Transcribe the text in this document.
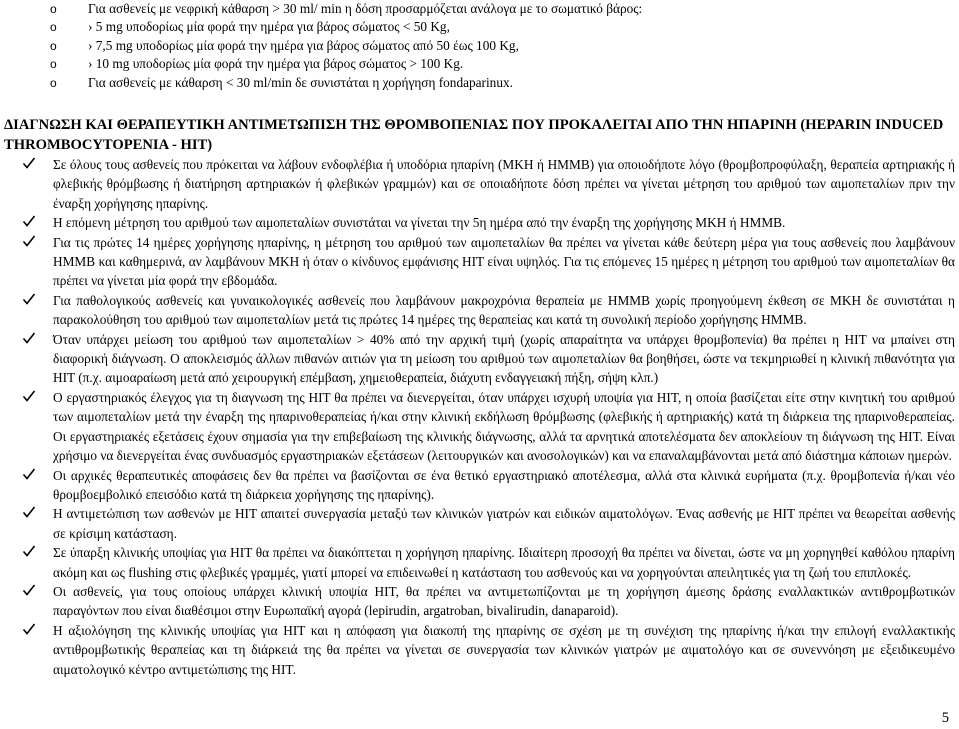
o Για ασθενείς με νεφρική κάθαρση > 30 ml/ min η δόση προσαρμόζεται ανάλογα με το σωματικό βάρος:
o › 5 mg υποδορίως μία φορά την ημέρα για βάρος σώματος < 50 Kg,
o › 7,5 mg υποδορίως μία φορά την ημέρα για βάρος σώματος από 50 έως 100 Kg,
o › 10 mg υποδορίως μία φορά την ημέρα για βάρος σώματος > 100 Kg.
o Για ασθενείς με κάθαρση < 30 ml/min δε συνιστάται η χορήγηση fondaparinux.
ΔΙΑΓΝΩΣΗ ΚΑΙ ΘΕΡΑΠΕΥΤΙΚΗ ΑΝΤΙΜΕΤΩΠΙΣΗ ΤΗΣ ΘΡΟΜΒΟΠΕΝΙΑΣ ΠΟΥ ΠΡΟΚΑΛΕΙΤΑΙ ΑΠΟ ΤΗΝ ΗΠΑΡΙΝΗ (HEPARIN INDUCED THROMBOCYTOPENIA - HIT)
Σε όλους τους ασθενείς που πρόκειται να λάβουν ενδοφλέβια ή υποδόρια ηπαρίνη (ΜΚΗ ή ΗΜΜΒ) για οποιοδήποτε λόγο (θρομβοπροφύλαξη, θεραπεία αρτηριακής ή φλεβικής θρόμβωσης ή διατήρηση αρτηριακών ή φλεβικών γραμμών) και σε οποιαδήποτε δόση πρέπει να γίνεται μέτρηση του αριθμού των αιμοπεταλίων πριν την έναρξη χορήγησης ηπαρίνης.
Η επόμενη μέτρηση του αριθμού των αιμοπεταλίων συνιστάται να γίνεται την 5η ημέρα από την έναρξη της χορήγησης ΜΚΗ ή ΗΜΜΒ.
Για τις πρώτες 14 ημέρες χορήγησης ηπαρίνης, η μέτρηση του αριθμού των αιμοπεταλίων θα πρέπει να γίνεται κάθε δεύτερη μέρα για τους ασθενείς που λαμβάνουν ΗΜΜΒ και καθημερινά, αν λαμβάνουν ΜΚΗ ή όταν ο κίνδυνος εμφάνισης ΗΙΤ είναι υψηλός. Για τις επόμενες 15 ημέρες η μέτρηση του αριθμού των αιμοπεταλίων θα πρέπει να γίνεται μία φορά την εβδομάδα.
Για παθολογικούς ασθενείς και γυναικολογικές ασθενείς που λαμβάνουν μακροχρόνια θεραπεία με ΗΜΜΒ χωρίς προηγούμενη έκθεση σε ΜΚΗ δε συνιστάται η παρακολούθηση του αριθμού των αιμοπεταλίων μετά τις πρώτες 14 ημέρες της θεραπείας και κατά τη συνολική περίοδο χορήγησης ΗΜΜΒ.
Όταν υπάρχει μείωση του αριθμού των αιμοπεταλίων > 40% από την αρχική τιμή (χωρίς απαραίτητα να υπάρχει θρομβοπενία) θα πρέπει η ΗΙΤ να μπαίνει στη διαφορική διάγνωση. Ο αποκλεισμός άλλων πιθανών αιτιών για τη μείωση του αριθμού των αιμοπεταλίων θα βοηθήσει, ώστε να τεκμηριωθεί η κλινική πιθανότητα για ΗΙΤ (π.χ. αιμοαραίωση μετά από χειρουργική επέμβαση, χημειοθεραπεία, διάχυτη ενδαγγειακή πήξη, σήψη κλπ.)
Ο εργαστηριακός έλεγχος για τη διαγνωση της ΗΙΤ θα πρέπει να διενεργείται, όταν υπάρχει ισχυρή υποψία για ΗΙΤ, η οποία βασίζεται είτε στην κινητική του αριθμού των αιμοπεταλίων μετά την έναρξη της ηπαρινοθεραπείας ή/και στην κλινική εκδήλωση θρόμβωσης (φλεβικής ή αρτηριακής) κατά τη διάρκεια της ηπαρινοθεραπείας. Οι εργαστηριακές εξετάσεις έχουν σημασία για την επιβεβαίωση της κλινικής διάγνωσης, αλλά τα αρνητικά αποτελέσματα δεν αποκλείουν τη διάγνωση της ΗΙΤ. Είναι χρήσιμο να διενεργείται ένας συνδυασμός εργαστηριακών εξετάσεων (λειτουργικών και ανοσολογικών) και να επαναλαμβάνονται μετά από διάστημα κάποιων ημερών.
Οι αρχικές θεραπευτικές αποφάσεις δεν θα πρέπει να βασίζονται σε ένα θετικό εργαστηριακό αποτέλεσμα, αλλά στα κλινικά ευρήματα (π.χ. θρομβοπενία ή/και νέο θρομβοεμβολικό επεισόδιο κατά τη διάρκεια χορήγησης της ηπαρίνης).
Η αντιμετώπιση των ασθενών με ΗΙΤ απαιτεί συνεργασία μεταξύ των κλινικών γιατρών και ειδικών αιματολόγων. Ένας ασθενής με ΗΙΤ πρέπει να θεωρείται ασθενής σε κρίσιμη κατάσταση.
Σε ύπαρξη κλινικής υποψίας για ΗΙΤ θα πρέπει να διακόπτεται η χορήγηση ηπαρίνης. Ιδιαίτερη προσοχή θα πρέπει να δίνεται, ώστε να μη χορηγηθεί καθόλου ηπαρίνη ακόμη και ως flushing στις φλεβικές γραμμές, γιατί μπορεί να επιδεινωθεί η κατάσταση του ασθενούς και να χορηγούνται απειλητικές για τη ζωή του επιπλοκές.
Οι ασθενείς, για τους οποίους υπάρχει κλινική υποψία ΗΙΤ, θα πρέπει να αντιμετωπίζονται με τη χορήγηση άμεσης δράσης εναλλακτικών αντιθρομβωτικών παραγόντων που είναι διαθέσιμοι στην Ευρωπαϊκή αγορά (lepirudin, argatroban, bivalirudin, danaparoid).
Η αξιολόγηση της κλινικής υποψίας για ΗΙΤ και η απόφαση για διακοπή της ηπαρίνης σε σχέση με τη συνέχιση της ηπαρίνης ή/και την επιλογή εναλλακτικής αντιθρομβωτικής θεραπείας και τη διάρκειά της θα πρέπει να γίνεται σε συνεργασία των κλινικών γιατρών με αιματολόγο και σε συνεννόηση με εξειδικευμένο αιματολογικό κέντρο αντιμετώπισης της ΗΙΤ.
5
